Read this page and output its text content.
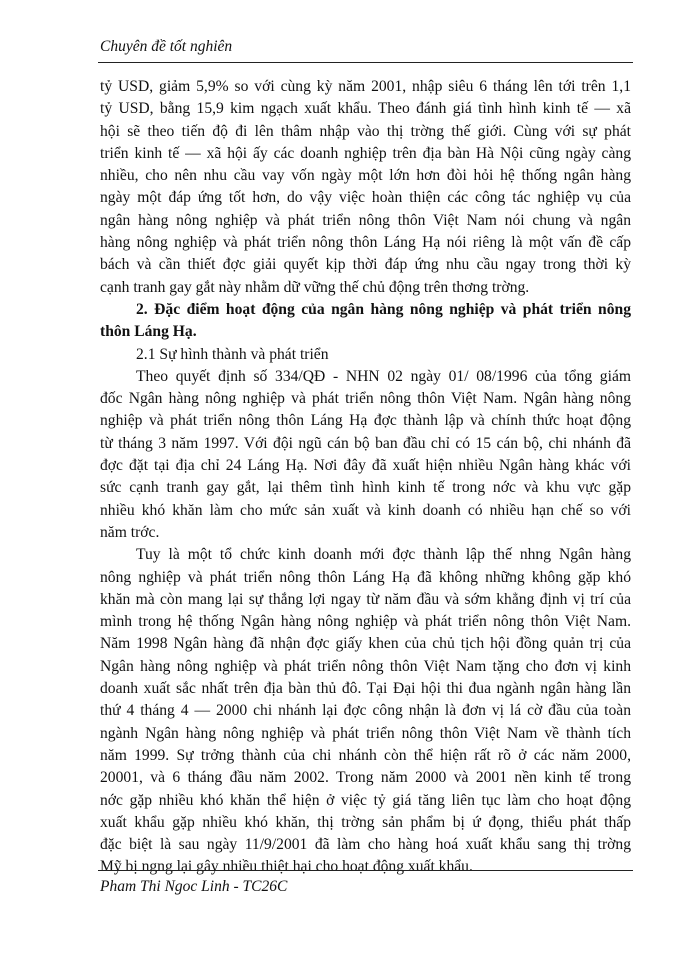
Chuyên đề tốt nghiên
tỷ USD, giảm 5,9% so với cùng kỳ năm 2001, nhập siêu 6 tháng lên tới trên 1,1
tỷ USD, bằng 15,9 kim ngạch xuất khẩu. Theo đánh giá tình hình kinh tế — xã
hội sẽ theo tiến độ đi lên thâm nhập vào thị trờng thế giới. Cùng với sự phát
triển kinh tế — xã hội ấy các doanh nghiệp trên địa bàn Hà Nội cũng ngày càng
nhiều, cho nên nhu cầu vay vốn ngày một lớn hơn đòi hỏi hệ thống ngân hàng
ngày một đáp ứng tốt hơn, do vậy việc hoàn thiện các công tác nghiệp vụ của
ngân hàng nông nghiệp và phát triển nông thôn Việt Nam nói chung và ngân
hàng nông nghiệp và phát triển nông thôn Láng Hạ nói riêng là một vấn đề cấp
bách và cần thiết đợc giải quyết kịp thời đáp ứng nhu cầu ngay trong thời kỳ
cạnh tranh gay gắt này nhằm dữ vững thế chủ động trên thơng trờng.
2. Đặc điểm hoạt động của ngân hàng nông nghiệp và phát triển nông
thôn Láng Hạ.
2.1 Sự hình thành và phát triển
Theo quyết định số 334/QĐ - NHN 02 ngày 01/ 08/1996 của tổng giám
đốc Ngân hàng nông nghiệp và phát triển nông thôn Việt Nam. Ngân hàng nông
nghiệp và phát triển nông thôn Láng Hạ đợc thành lập và chính thức hoạt động
từ tháng 3 năm 1997. Với đội ngũ cán bộ ban đầu chỉ có 15 cán bộ, chi nhánh đã
đợc đặt tại địa chỉ 24 Láng Hạ. Nơi đây đã xuất hiện nhiều Ngân hàng khác với
sức cạnh tranh gay gắt, lại thêm tình hình kinh tế trong nớc và khu vực gặp
nhiều khó khăn làm cho mức sản xuất và kinh doanh có nhiều hạn chế so với
năm trớc.
Tuy là một tổ chức kinh doanh mới đợc thành lập thế nhng Ngân hàng
nông nghiệp và phát triển nông thôn Láng Hạ đã không những không gặp khó
khăn mà còn mang lại sự thắng lợi ngay từ năm đầu và sớm khẳng định vị trí của
mình trong hệ thống Ngân hàng nông nghiệp và phát triển nông thôn Việt Nam.
Năm 1998 Ngân hàng đã nhận đợc giấy khen của chủ tịch hội đồng quản trị của
Ngân hàng nông nghiệp và phát triển nông thôn Việt Nam tặng cho đơn vị kinh
doanh xuất sắc nhất trên địa bàn thủ đô. Tại Đại hội thi đua ngành ngân hàng lần
thứ 4 tháng 4 — 2000 chi nhánh lại đợc công nhận là đơn vị lá cờ đầu của toàn
ngành Ngân hàng nông nghiệp và phát triển nông thôn Việt Nam về thành tích
năm 1999. Sự trởng thành của chi nhánh còn thể hiện rất rõ ở các năm 2000,
20001, và 6 tháng đầu năm 2002. Trong năm 2000 và 2001 nền kinh tế trong
nớc gặp nhiều khó khăn thể hiện ở việc tỷ giá tăng liên tục làm cho hoạt động
xuất khẩu gặp nhiều khó khăn, thị trờng sản phẩm bị ứ đọng, thiểu phát thấp
đặc biệt là sau ngày 11/9/2001 đã làm cho hàng hoá xuất khẩu sang thị trờng
Mỹ bị ngng lại gây nhiều thiệt hại cho hoạt động xuất khẩu.
Pham Thi Ngoc Linh - TC26C
